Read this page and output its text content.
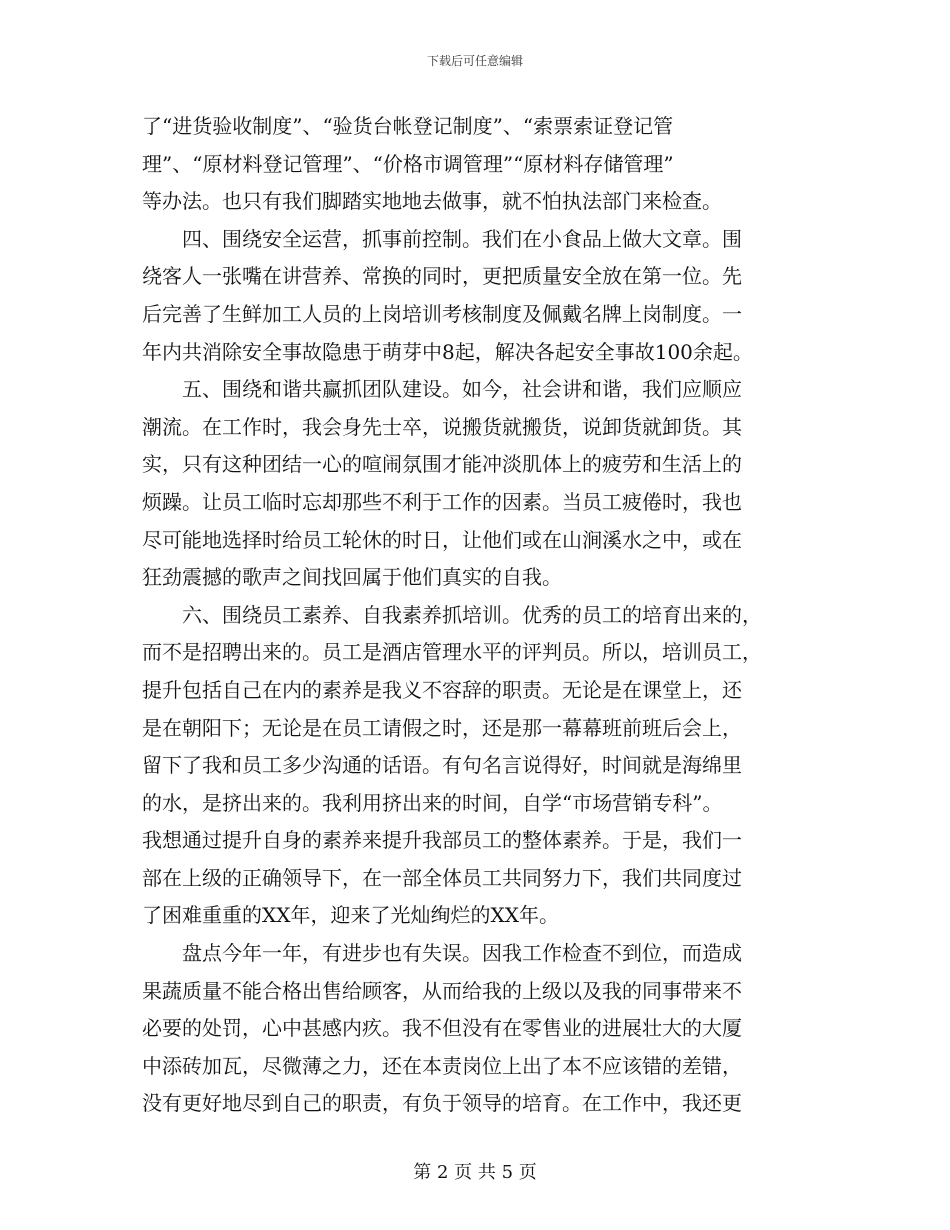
下载后可任意编辑
了“进货验收制度”、“验货台帐登记制度”、“索票索证登记管
理”、“原材料登记管理”、“价格市调管理”“原材料存储管理”
等办法。也只有我们脚踏实地地去做事，就不怕执法部门来检查。
　　四、围绕安全运营，抓事前控制。我们在小食品上做大文章。围
绕客人一张嘴在讲营养、常换的同时，更把质量安全放在第一位。先
后完善了生鲜加工人员的上岗培训考核制度及佩戴名牌上岗制度。一
年内共消除安全事故隐患于萌芽中8起，解决各起安全事故100余起。
　　五、围绕和谐共赢抓团队建设。如今，社会讲和谐，我们应顺应
潮流。在工作时，我会身先士卒，说搬货就搬货，说卸货就卸货。其
实，只有这种团结一心的喧闹氛围才能冲淡肌体上的疲劳和生活上的
烦躁。让员工临时忘却那些不利于工作的因素。当员工疲倦时，我也
尽可能地选择时给员工轮休的时日，让他们或在山涧溪水之中，或在
狂劲震撼的歌声之间找回属于他们真实的自我。
　　六、围绕员工素养、自我素养抓培训。优秀的员工的培育出来的，
而不是招聘出来的。员工是酒店管理水平的评判员。所以，培训员工，
提升包括自己在内的素养是我义不容辞的职责。无论是在课堂上，还
是在朝阳下；无论是在员工请假之时，还是那一幕幕班前班后会上，
留下了我和员工多少沟通的话语。有句名言说得好，时间就是海绵里
的水，是挤出来的。我利用挤出来的时间，自学“市场营销专科”。
我想通过提升自身的素养来提升我部员工的整体素养。于是，我们一
部在上级的正确领导下，在一部全体员工共同努力下，我们共同度过
了困难重重的XX年，迎来了光灿绚烂的XX年。
　　盘点今年一年，有进步也有失误。因我工作检查不到位，而造成
果蔬质量不能合格出售给顾客，从而给我的上级以及我的同事带来不
必要的处罚，心中甚感内疚。我不但没有在零售业的进展壮大的大厦
中添砖加瓦，尽微薄之力，还在本责岗位上出了本不应该错的差错，
没有更好地尽到自己的职责，有负于领导的培育。在工作中，我还更
第 2 页 共 5 页
